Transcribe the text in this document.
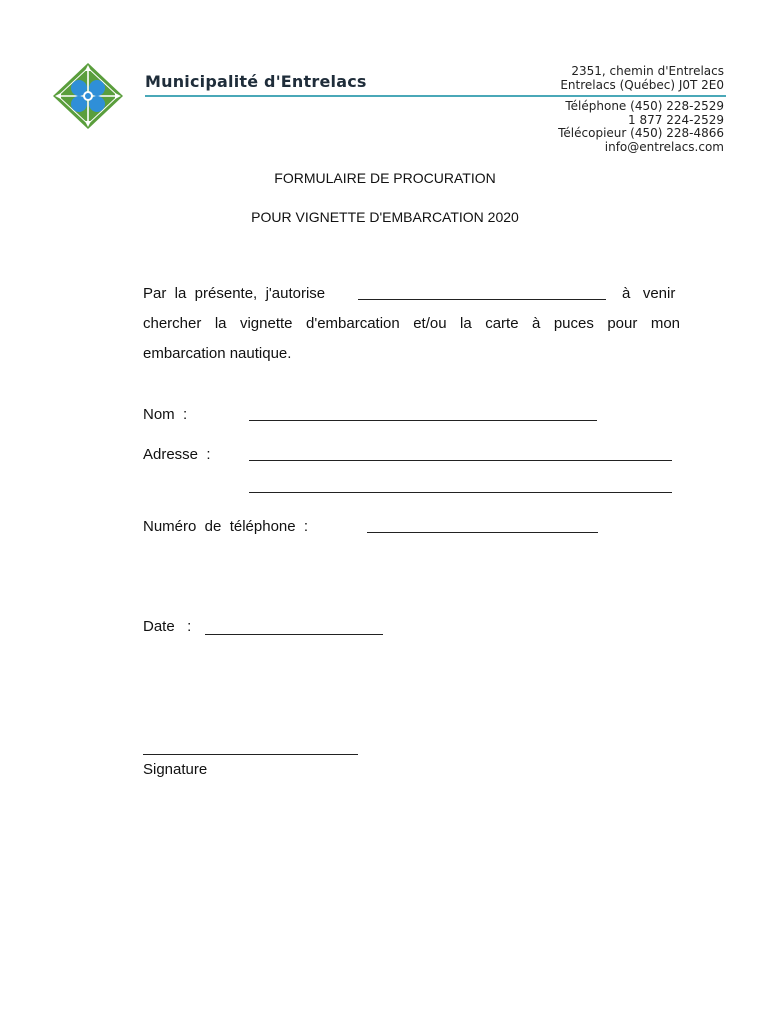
Municipalité d'Entrelacs
2351, chemin d'Entrelacs
Entrelacs (Québec) J0T 2E0
Téléphone (450) 228-2529
1 877 224-2529
Télécopieur (450) 228-4866
info@entrelacs.com
FORMULAIRE DE PROCURATION
POUR VIGNETTE D'EMBARCATION 2020
Par  la  présente,  j'autorise	à   venir
chercher la vignette d'embarcation et/ou la carte à puces pour mon
embarcation nautique.
Nom  :
Adresse  :
Numéro  de  téléphone  :
Date   :
Signature
